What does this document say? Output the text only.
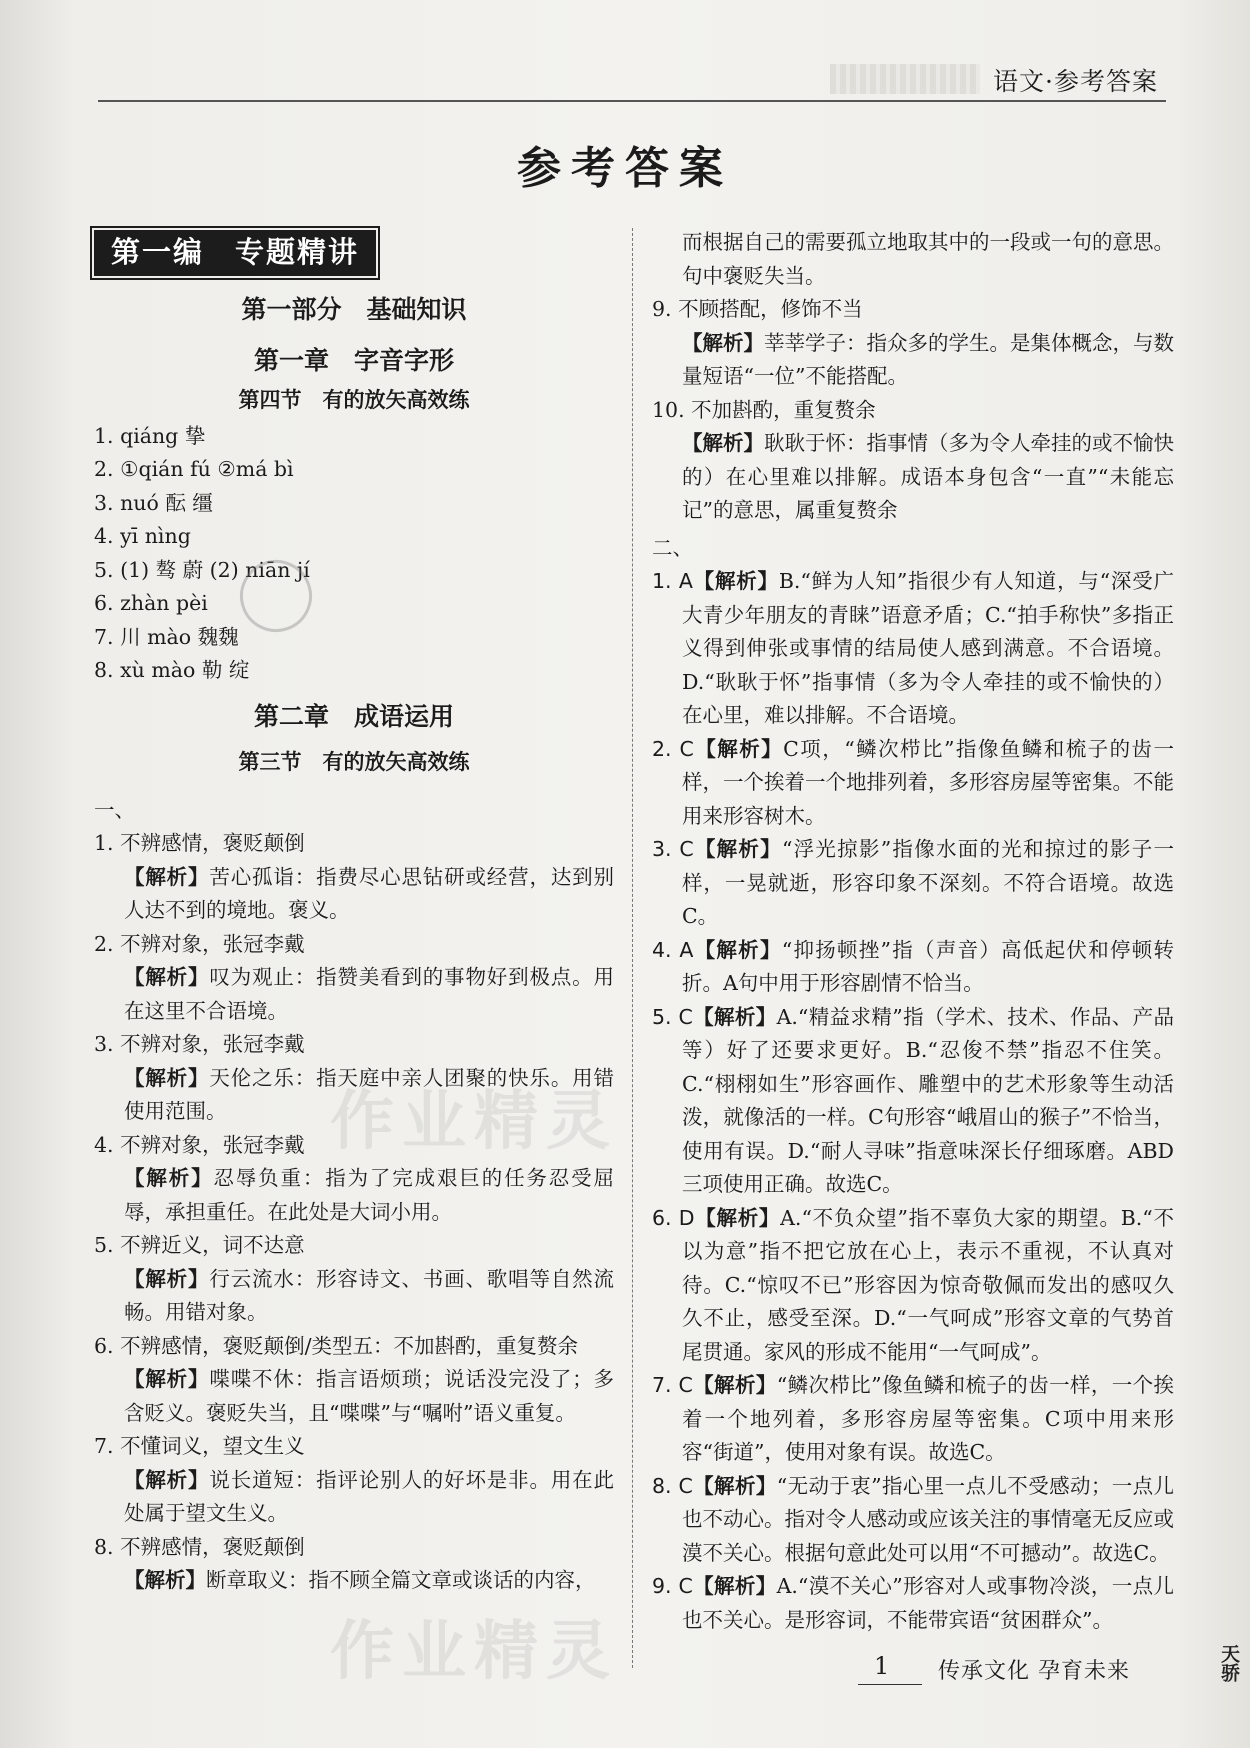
语文·参考答案
参考答案
第一编　专题精讲
第一部分　基础知识
第一章　字音字形
第四节　有的放矢高效练
1. qiáng 挚
2. ①qián fú ②má bì
3. nuó 酝 缰
4. yī nìng
5. (1) 骜 蔚 (2) niān jí
6. zhàn pèi
7. 川 mào 魏魏
8. xù mào 勒 绽
第二章　成语运用
第三节　有的放矢高效练
一、
1. 不辨感情，褒贬颠倒
【解析】苦心孤诣：指费尽心思钻研或经营，达到别人达不到的境地。褒义。
2. 不辨对象，张冠李戴
【解析】叹为观止：指赞美看到的事物好到极点。用在这里不合语境。
3. 不辨对象，张冠李戴
【解析】天伦之乐：指天庭中亲人团聚的快乐。用错使用范围。
4. 不辨对象，张冠李戴
【解析】忍辱负重：指为了完成艰巨的任务忍受屈辱，承担重任。在此处是大词小用。
5. 不辨近义，词不达意
【解析】行云流水：形容诗文、书画、歌唱等自然流畅。用错对象。
6. 不辨感情，褒贬颠倒/类型五：不加斟酌，重复赘余
【解析】喋喋不休：指言语烦琐；说话没完没了；多含贬义。褒贬失当，且“喋喋”与“嘱咐”语义重复。
7. 不懂词义，望文生义
【解析】说长道短：指评论别人的好坏是非。用在此处属于望文生义。
8. 不辨感情，褒贬颠倒
【解析】断章取义：指不顾全篇文章或谈话的内容，
而根据自己的需要孤立地取其中的一段或一句的意思。句中褒贬失当。
9. 不顾搭配，修饰不当
【解析】莘莘学子：指众多的学生。是集体概念，与数量短语“一位”不能搭配。
10. 不加斟酌，重复赘余
【解析】耿耿于怀：指事情（多为令人牵挂的或不愉快的）在心里难以排解。成语本身包含“一直”“未能忘记”的意思，属重复赘余
二、
1. A【解析】B.“鲜为人知”指很少有人知道，与“深受广大青少年朋友的青睐”语意矛盾；C.“拍手称快”多指正义得到伸张或事情的结局使人感到满意。不合语境。D.“耿耿于怀”指事情（多为令人牵挂的或不愉快的）在心里，难以排解。不合语境。
2. C【解析】C项，“鳞次栉比”指像鱼鳞和梳子的齿一样，一个挨着一个地排列着，多形容房屋等密集。不能用来形容树木。
3. C【解析】“浮光掠影”指像水面的光和掠过的影子一样，一晃就逝，形容印象不深刻。不符合语境。故选C。
4. A【解析】“抑扬顿挫”指（声音）高低起伏和停顿转折。A句中用于形容剧情不恰当。
5. C【解析】A.“精益求精”指（学术、技术、作品、产品等）好了还要求更好。B.“忍俊不禁”指忍不住笑。C.“栩栩如生”形容画作、雕塑中的艺术形象等生动活泼，就像活的一样。C句形容“峨眉山的猴子”不恰当，使用有误。D.“耐人寻味”指意味深长仔细琢磨。ABD三项使用正确。故选C。
6. D【解析】A.“不负众望”指不辜负大家的期望。B.“不以为意”指不把它放在心上，表示不重视，不认真对待。C.“惊叹不已”形容因为惊奇敬佩而发出的感叹久久不止，感受至深。D.“一气呵成”形容文章的气势首尾贯通。家风的形成不能用“一气呵成”。
7. C【解析】“鳞次栉比”像鱼鳞和梳子的齿一样，一个挨着一个地列着，多形容房屋等密集。C项中用来形容“街道”，使用对象有误。故选C。
8. C【解析】“无动于衷”指心里一点儿不受感动；一点儿也不动心。指对令人感动或应该关注的事情毫无反应或漠不关心。根据句意此处可以用“不可撼动”。故选C。
9. C【解析】A.“漠不关心”形容对人或事物冷淡，一点儿也不关心。是形容词，不能带宾语“贫困群众”。
作业精灵
作业精灵	1 传承文化 孕育未来	天骄
